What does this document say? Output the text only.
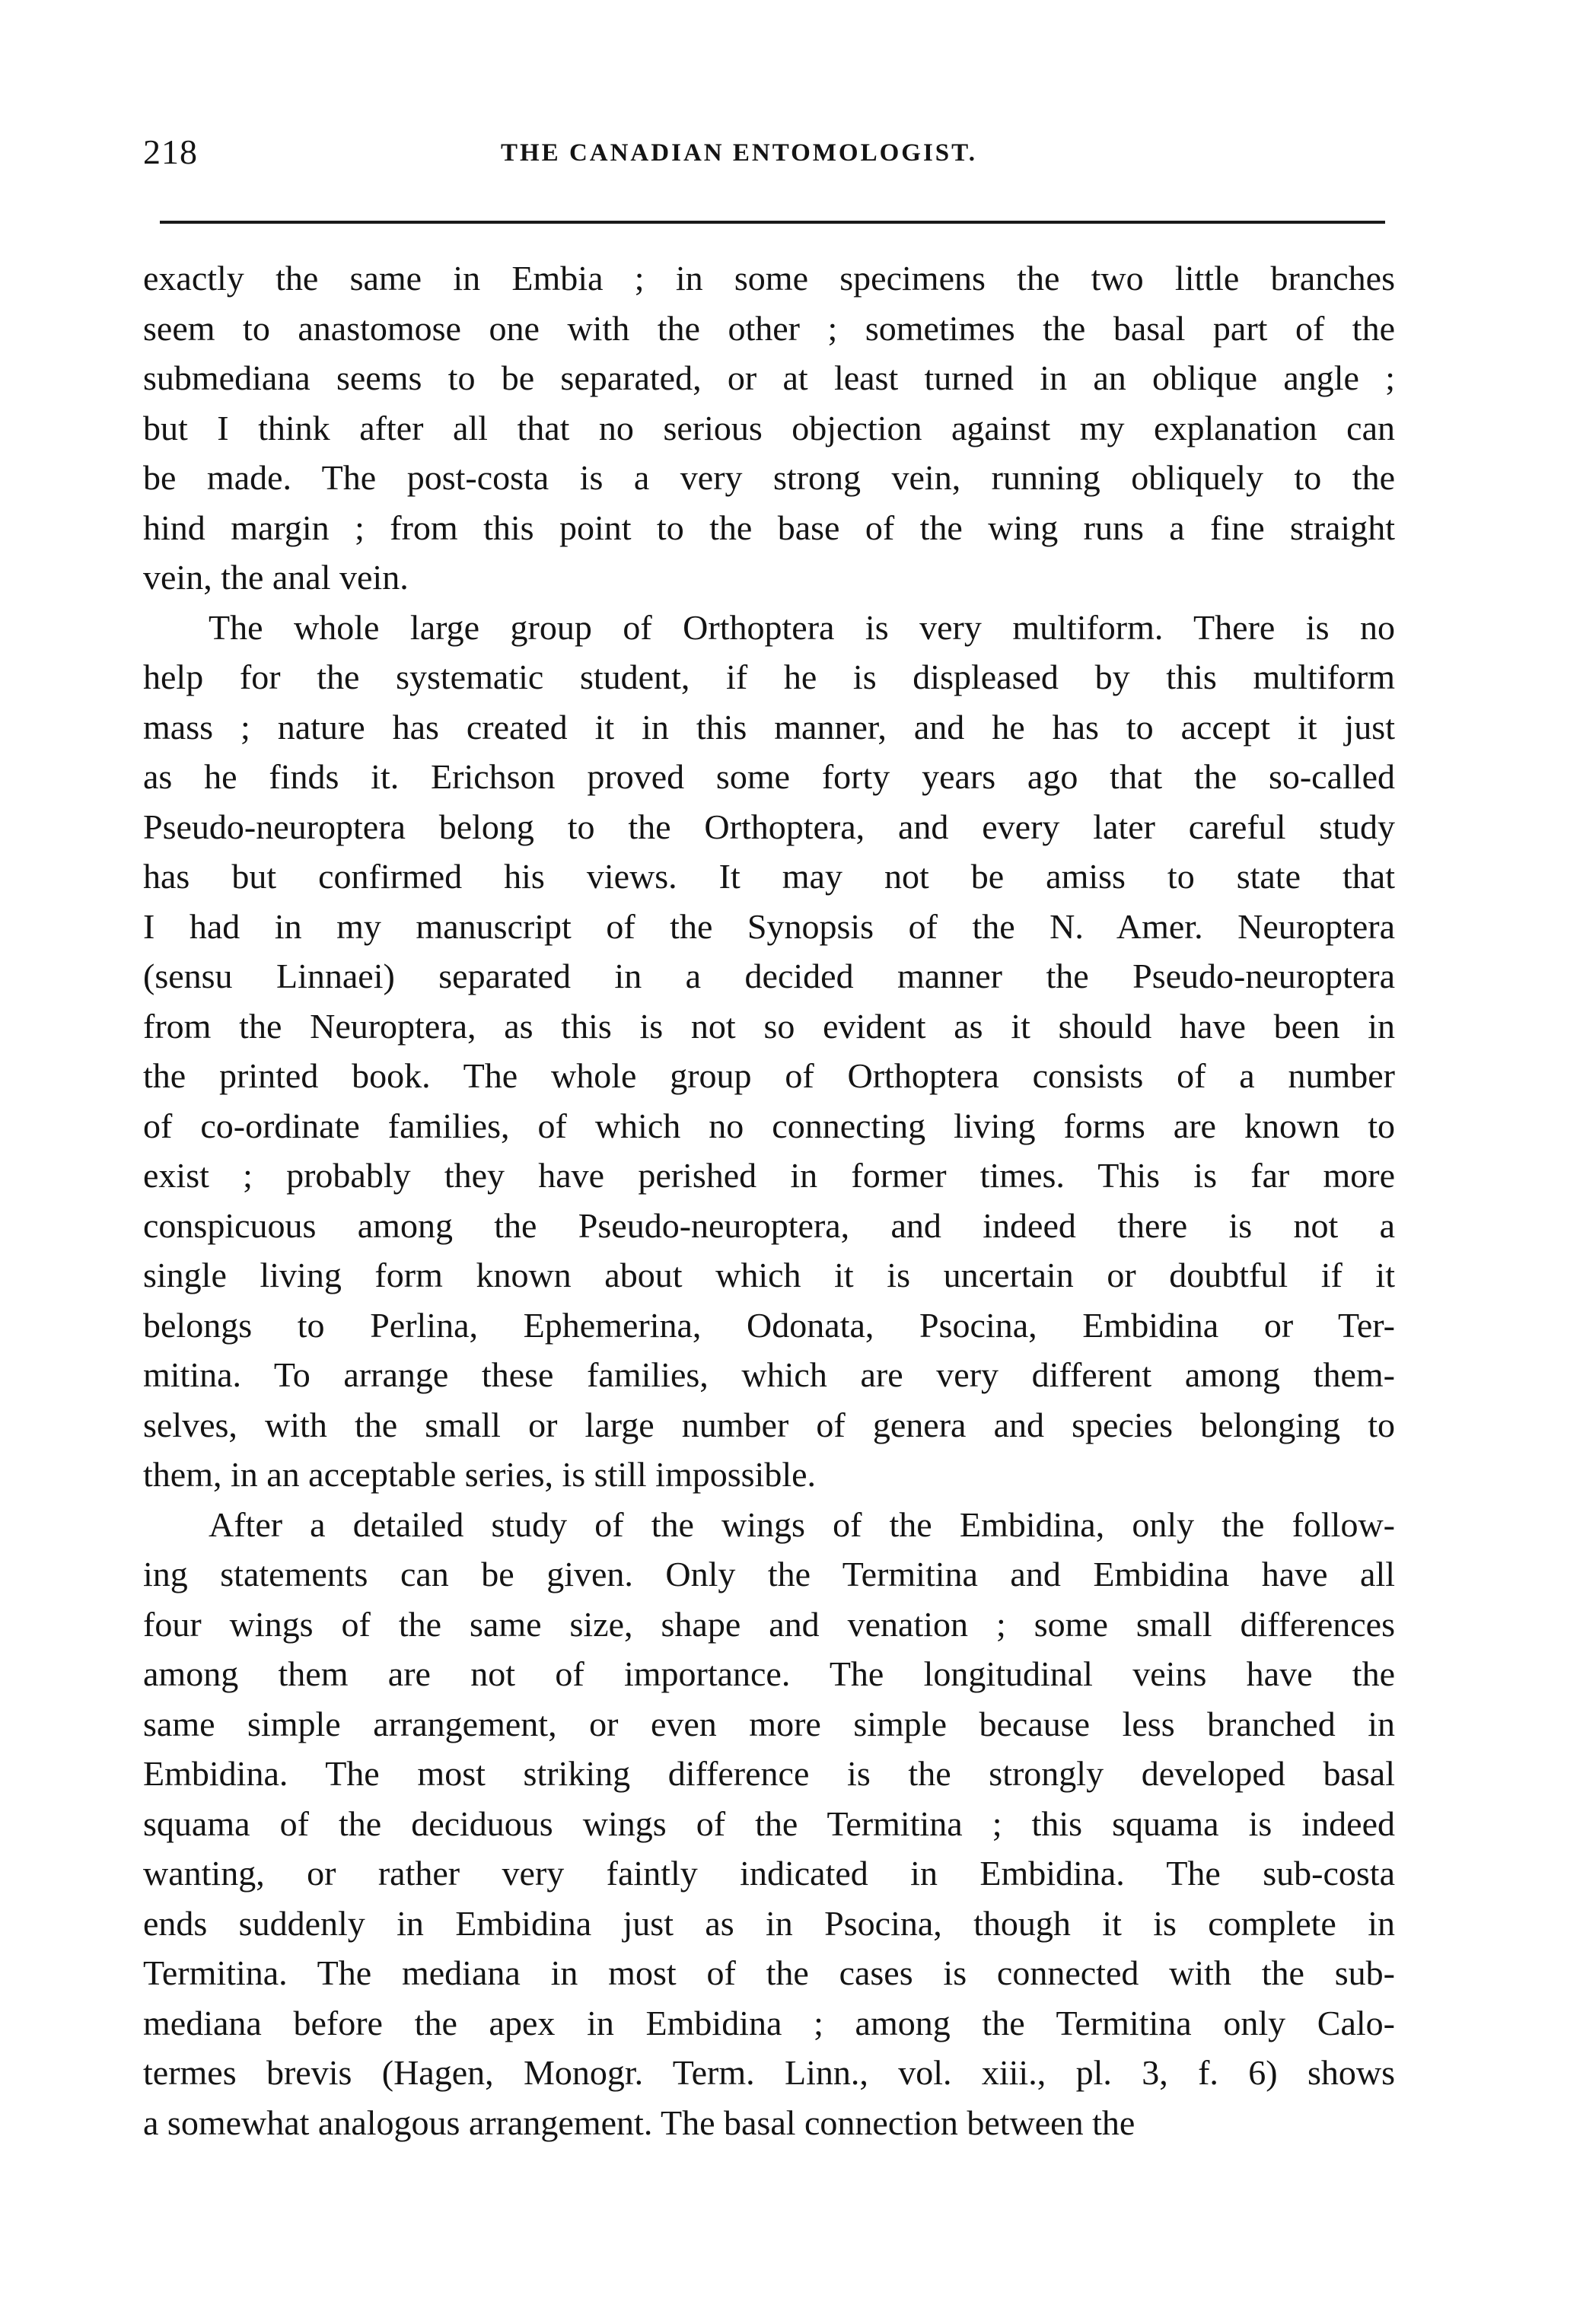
218	THE CANADIAN ENTOMOLOGIST.
exactly the same in Embia ; in some specimens the two little branches
seem to anastomose one with the other ; sometimes the basal part of the
submediana seems to be separated, or at least turned in an oblique angle ;
but I think after all that no serious objection against my explanation can
be made. The post-costa is a very strong vein, running obliquely to the
hind margin ; from this point to the base of the wing runs a fine straight
vein, the anal vein.
The whole large group of Orthoptera is very multiform. There is no
help for the systematic student, if he is displeased by this multiform
mass ; nature has created it in this manner, and he has to accept it just
as he finds it. Erichson proved some forty years ago that the so-called
Pseudo-neuroptera belong to the Orthoptera, and every later careful study
has but confirmed his views. It may not be amiss to state that
I had in my manuscript of the Synopsis of the N. Amer. Neuroptera
(sensu Linnaei) separated in a decided manner the Pseudo-neuroptera
from the Neuroptera, as this is not so evident as it should have been in
the printed book. The whole group of Orthoptera consists of a number
of co-ordinate families, of which no connecting living forms are known to
exist ; probably they have perished in former times. This is far more
conspicuous among the Pseudo-neuroptera, and indeed there is not a
single living form known about which it is uncertain or doubtful if it
belongs to Perlina, Ephemerina, Odonata, Psocina, Embidina or Ter-
mitina. To arrange these families, which are very different among them-
selves, with the small or large number of genera and species belonging to
them, in an acceptable series, is still impossible.
After a detailed study of the wings of the Embidina, only the follow-
ing statements can be given. Only the Termitina and Embidina have all
four wings of the same size, shape and venation ; some small differences
among them are not of importance. The longitudinal veins have the
same simple arrangement, or even more simple because less branched in
Embidina. The most striking difference is the strongly developed basal
squama of the deciduous wings of the Termitina ; this squama is indeed
wanting, or rather very faintly indicated in Embidina. The sub-costa
ends suddenly in Embidina just as in Psocina, though it is complete in
Termitina. The mediana in most of the cases is connected with the sub-
mediana before the apex in Embidina ; among the Termitina only Calo-
termes brevis (Hagen, Monogr. Term. Linn., vol. xiii., pl. 3, f. 6) shows
a somewhat analogous arrangement. The basal connection between the
